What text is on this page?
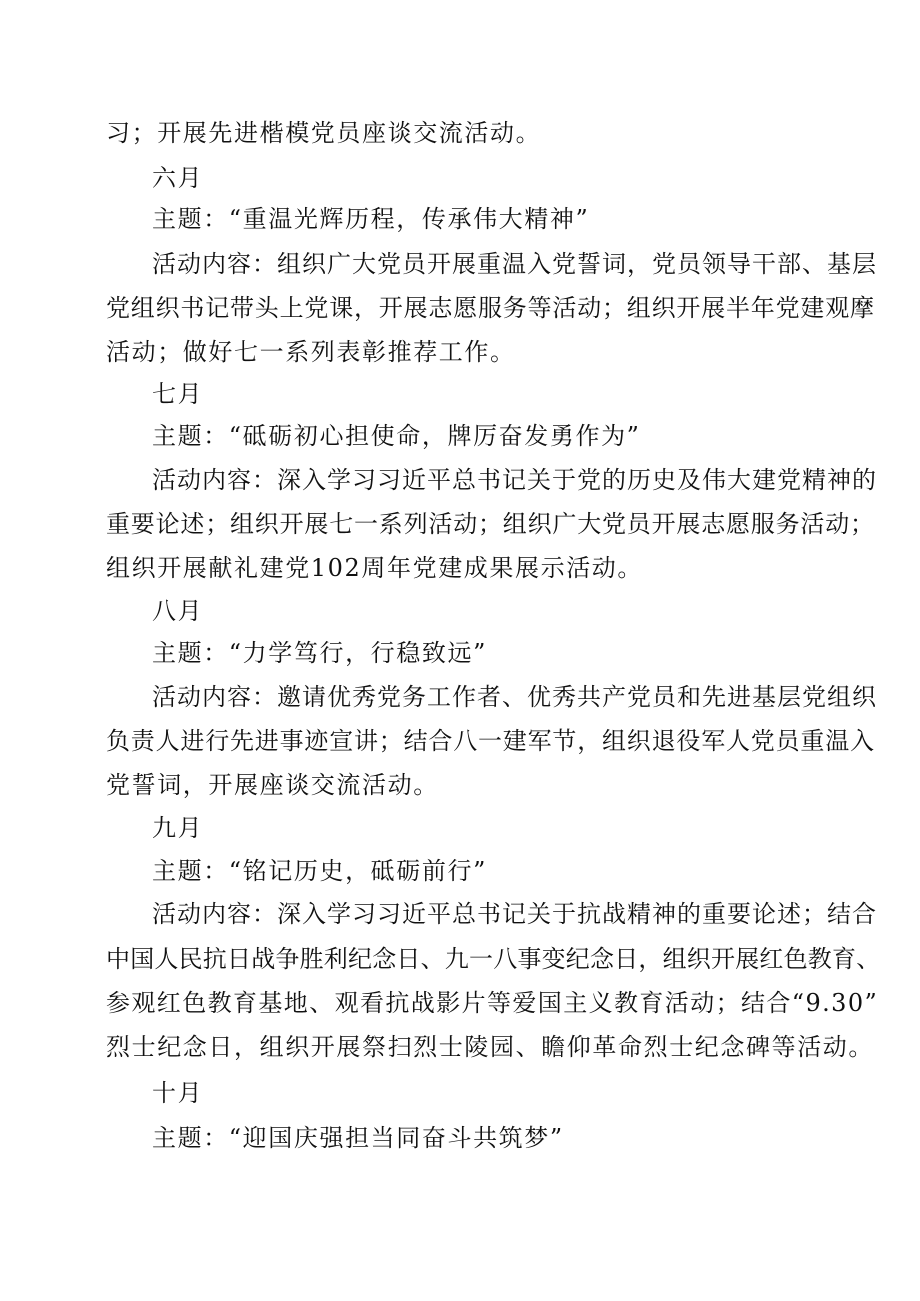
习；开展先进楷模党员座谈交流活动。
六月
主题：“重温光辉历程，传承伟大精神”
活动内容：组织广大党员开展重温入党誓词，党员领导干部、基层
党组织书记带头上党课，开展志愿服务等活动；组织开展半年党建观摩
活动；做好七一系列表彰推荐工作。
七月
主题：“砥砺初心担使命，牌厉奋发勇作为”
活动内容：深入学习习近平总书记关于党的历史及伟大建党精神的
重要论述；组织开展七一系列活动；组织广大党员开展志愿服务活动；
组织开展献礼建党102周年党建成果展示活动。
八月
主题：“力学笃行，行稳致远”
活动内容：邀请优秀党务工作者、优秀共产党员和先进基层党组织
负责人进行先进事迹宣讲；结合八一建军节，组织退役军人党员重温入
党誓词，开展座谈交流活动。
九月
主题：“铭记历史，砥砺前行”
活动内容：深入学习习近平总书记关于抗战精神的重要论述；结合
中国人民抗日战争胜利纪念日、九一八事变纪念日，组织开展红色教育、
参观红色教育基地、观看抗战影片等爱国主义教育活动；结合“9.30”
烈士纪念日，组织开展祭扫烈士陵园、瞻仰革命烈士纪念碑等活动。
十月
主题：“迎国庆强担当同奋斗共筑梦”
